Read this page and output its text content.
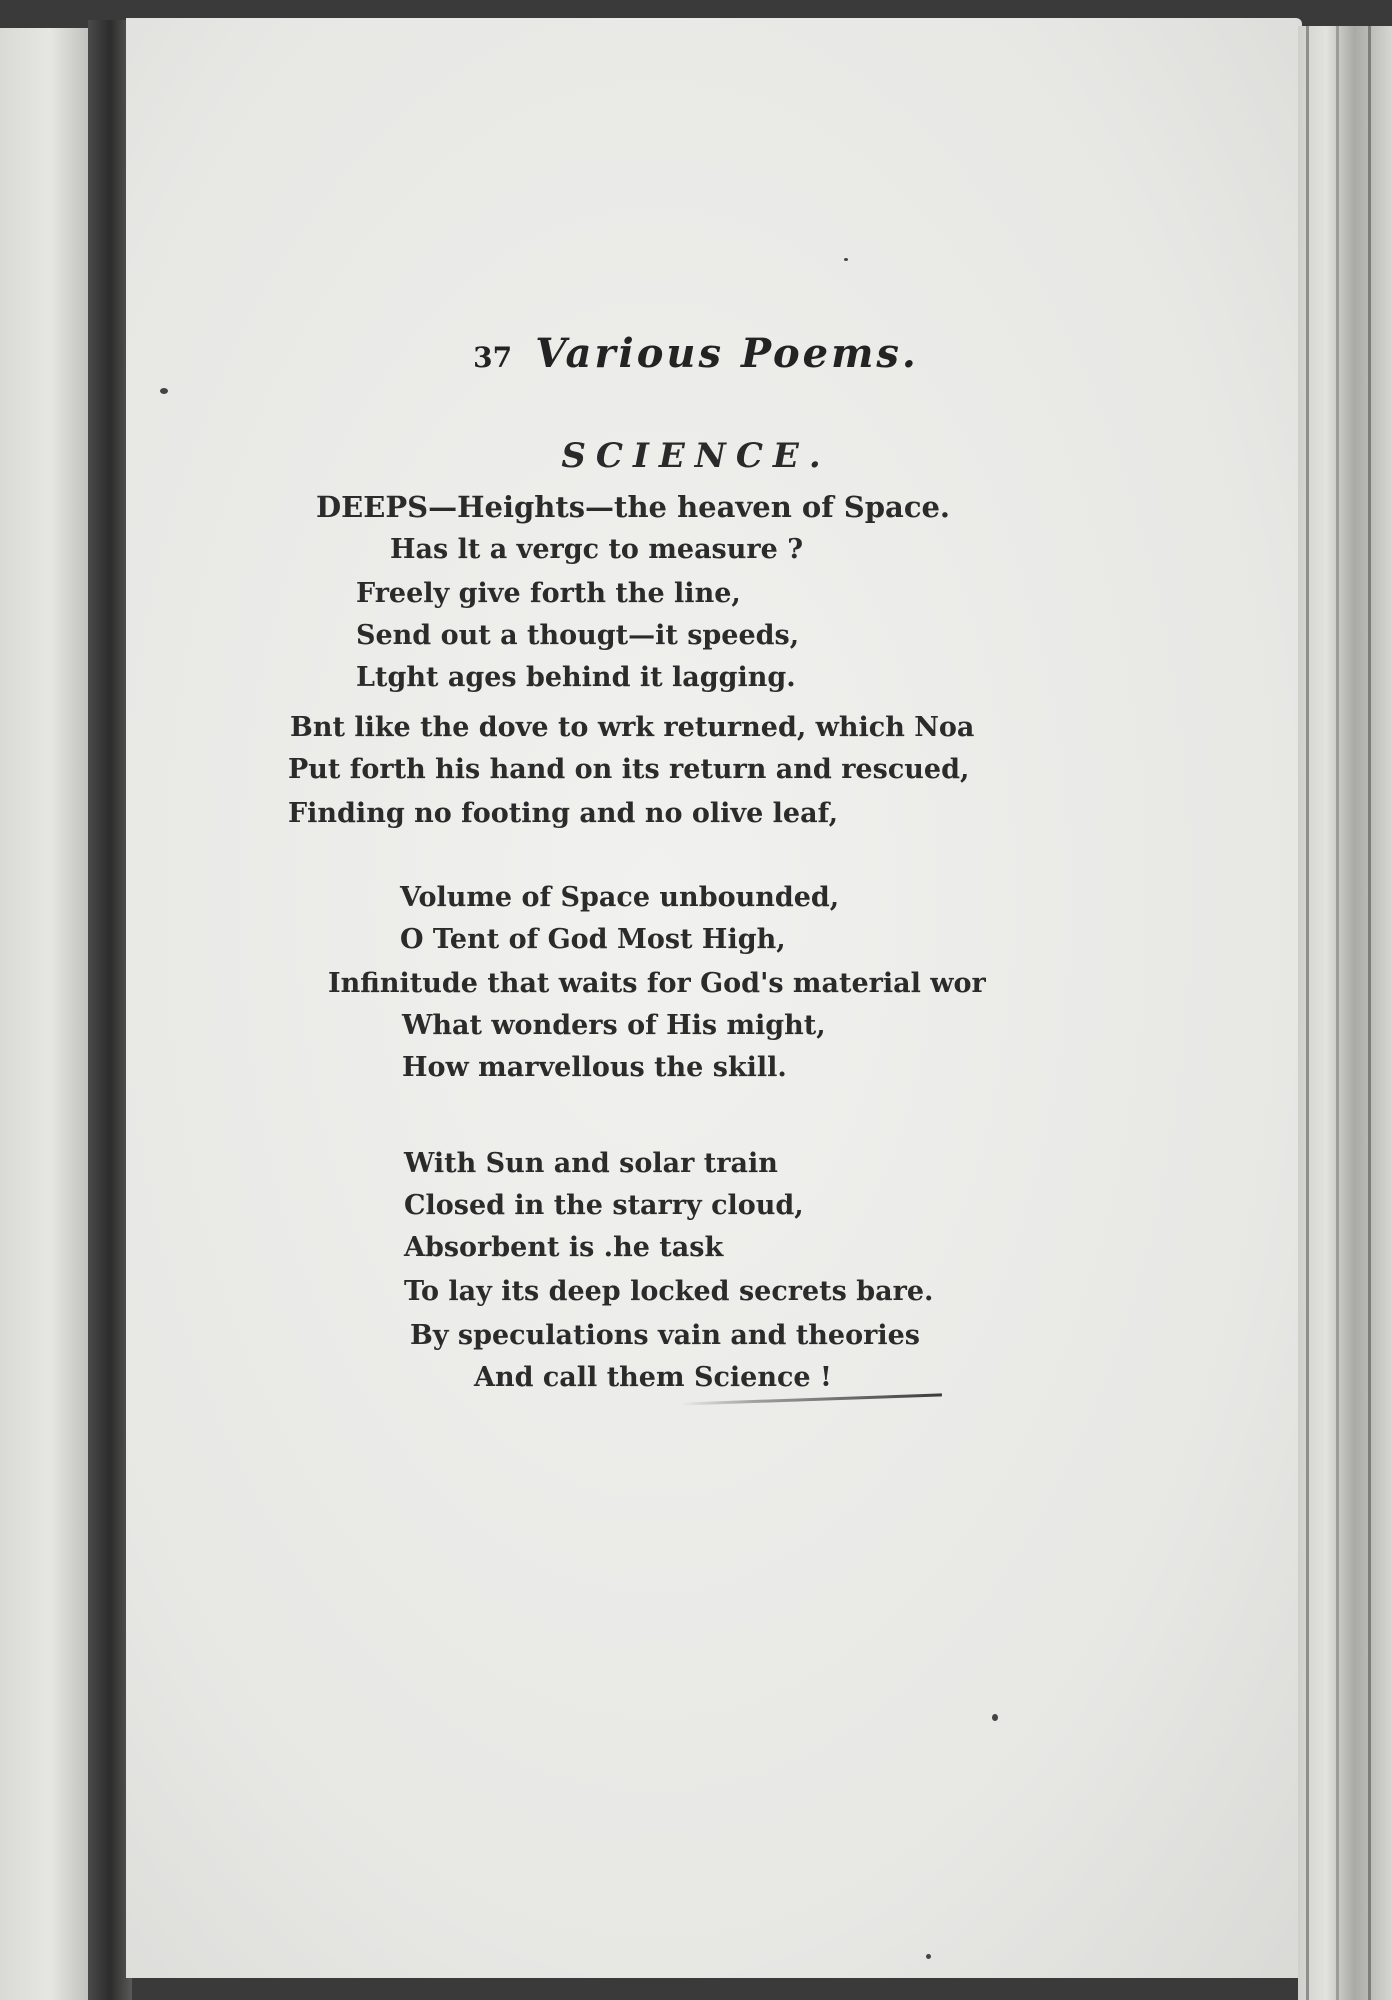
37 Various Poems.
SCIENCE.
DEEPS—Heights—the heaven of Space.
Has lt a vergc to measure ?
Freely give forth the line,
Send out a thougt—it speeds,
Ltght ages behind it lagging.
Bnt like the dove to wrk returned, which Noa
Put forth his hand on its return and rescued,
Finding no footing and no olive leaf,
Volume of Space unbounded,
O Tent of God Most High,
Infinitude that waits for God's material wor
What wonders of His might,
How marvellous the skill.
With Sun and solar train
Closed in the starry cloud,
Absorbent is .he task
To lay its deep locked secrets bare.
By speculations vain and theories
And call them Science !
